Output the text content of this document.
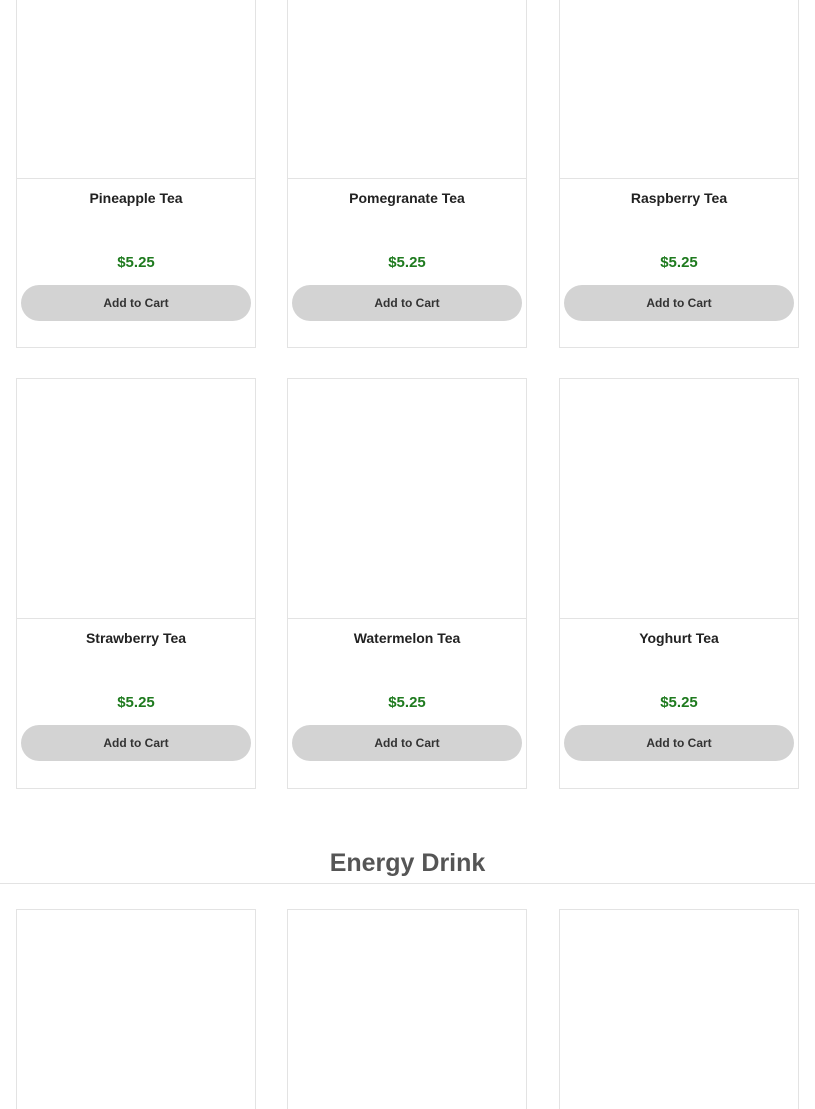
Pineapple Tea
$5.25
Add to Cart
Pomegranate Tea
$5.25
Add to Cart
Raspberry Tea
$5.25
Add to Cart
Strawberry Tea
$5.25
Add to Cart
Watermelon Tea
$5.25
Add to Cart
Yoghurt Tea
$5.25
Add to Cart
Energy Drink
